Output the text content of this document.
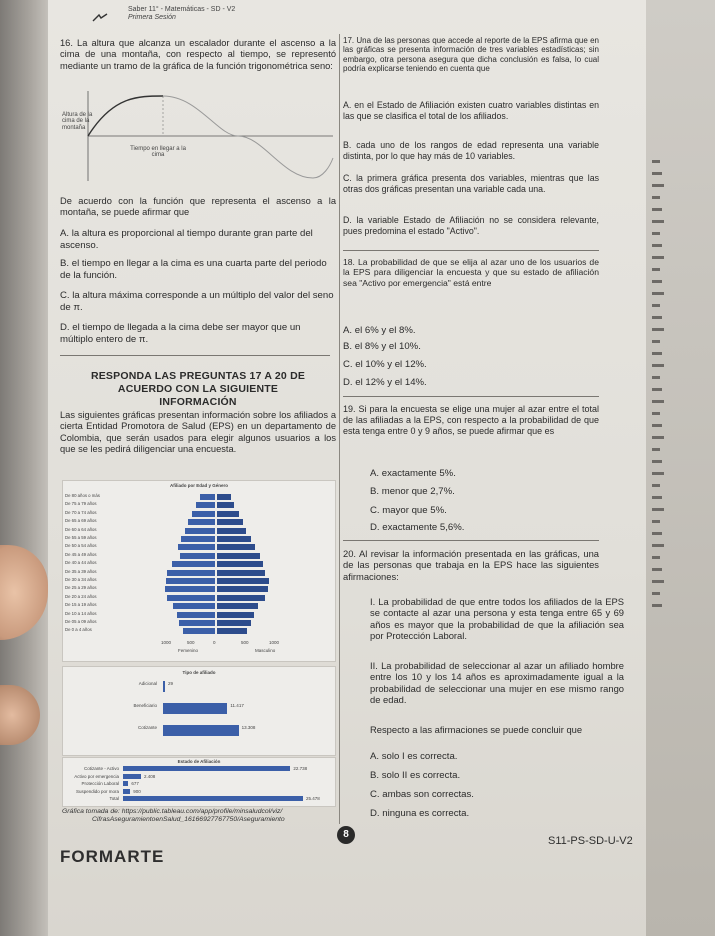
Saber 11° - Matemáticas - SD - V2
Primera Sesión
16. La altura que alcanza un escalador durante el ascenso a la cima de una montaña, con respecto al tiempo, se representó mediante un tramo de la gráfica de la función trigonométrica seno:
Altura de la cima de la montaña
Tiempo en llegar a la cima
De acuerdo con la función que representa el ascenso a la montaña, se puede afirmar que
A. la altura es proporcional al tiempo durante gran parte del ascenso.
B. el tiempo en llegar a la cima es una cuarta parte del periodo de la función.
C. la altura máxima corresponde a un múltiplo del valor del seno de π.
D. el tiempo de llegada a la cima debe ser mayor que un múltiplo entero de π.
RESPONDA LAS PREGUNTAS 17 A 20 DE ACUERDO CON LA SIGUIENTE INFORMACIÓN
Las siguientes gráficas presentan información sobre los afiliados a cierta Entidad Promotora de Salud (EPS) en un departamento de Colombia, que serán usados para elegir algunos usuarios a los que se les pedirá diligenciar una encuesta.
Afiliado por Edad y Género
De 80 años o más
De 75 a 79 años
De 70 a 74 años
De 65 a 69 años
De 60 a 64 años
De 55 a 59 años
De 50 a 54 años
De 45 a 49 años
De 40 a 44 años
De 35 a 39 años
De 30 a 34 años
De 25 a 29 años
De 20 a 24 años
De 15 a 19 años
De 10 a 14 años
De 05 a 09 años
De 0 a 4 años
1000	500	0	500	1000
Femenino	Masculino
Tipo de afiliado
Adicional 29
Beneficiario	11.417
Cotizante	13.308
Estado de Afiliación
Cotizante - Activo	22.738
Activo por emergencia	2.408
Protección Laboral	677
Suspendido por mora	900
Total	25.478
Gráfica tomada de: https://public.tableau.com/app/profile/minsaludcol/viz/
CifrasAseguramientoenSalud_16166927767750/Aseguramiento
17. Una de las personas que accede al reporte de la EPS afirma que en las gráficas se presenta información de tres variables estadísticas; sin embargo, otra persona asegura que dicha conclusión es falsa, lo cual podría explicarse teniendo en cuenta que
A. en el Estado de Afiliación existen cuatro variables distintas en las que se clasifica el total de los afiliados.
B. cada uno de los rangos de edad representa una variable distinta, por lo que hay más de 10 variables.
C. la primera gráfica presenta dos variables, mientras que las otras dos gráficas presentan una variable cada una.
D. la variable Estado de Afiliación no se considera relevante, pues predomina el estado "Activo".
18. La probabilidad de que se elija al azar uno de los usuarios de la EPS para diligenciar la encuesta y que su estado de afiliación sea "Activo por emergencia" está entre
A. el 6% y el 8%.
B. el 8% y el 10%.
C. el 10% y el 12%.
D. el 12% y el 14%.
19. Si para la encuesta se elige una mujer al azar entre el total de las afiliadas a la EPS, con respecto a la probabilidad de que esta tenga entre 0 y 9 años, se puede afirmar que es
A. exactamente 5%.
B. menor que 2,7%.
C. mayor que 5%.
D. exactamente 5,6%.
20. Al revisar la información presentada en las gráficas, una de las personas que trabaja en la EPS hace las siguientes afirmaciones:
I. La probabilidad de que entre todos los afiliados de la EPS se contacte al azar una persona y esta tenga entre 65 y 69 años es mayor que la probabilidad de que la afiliación sea por Protección Laboral.
II. La probabilidad de seleccionar al azar un afiliado hombre entre los 10 y los 14 años es aproximadamente igual a la probabilidad de seleccionar una mujer en ese mismo rango de edad.
Respecto a las afirmaciones se puede concluir que
A. solo I es correcta.
B. solo II es correcta.
C. ambas son correctas.
D. ninguna es correcta.
8
FORMARTE
S11-PS-SD-U-V2
